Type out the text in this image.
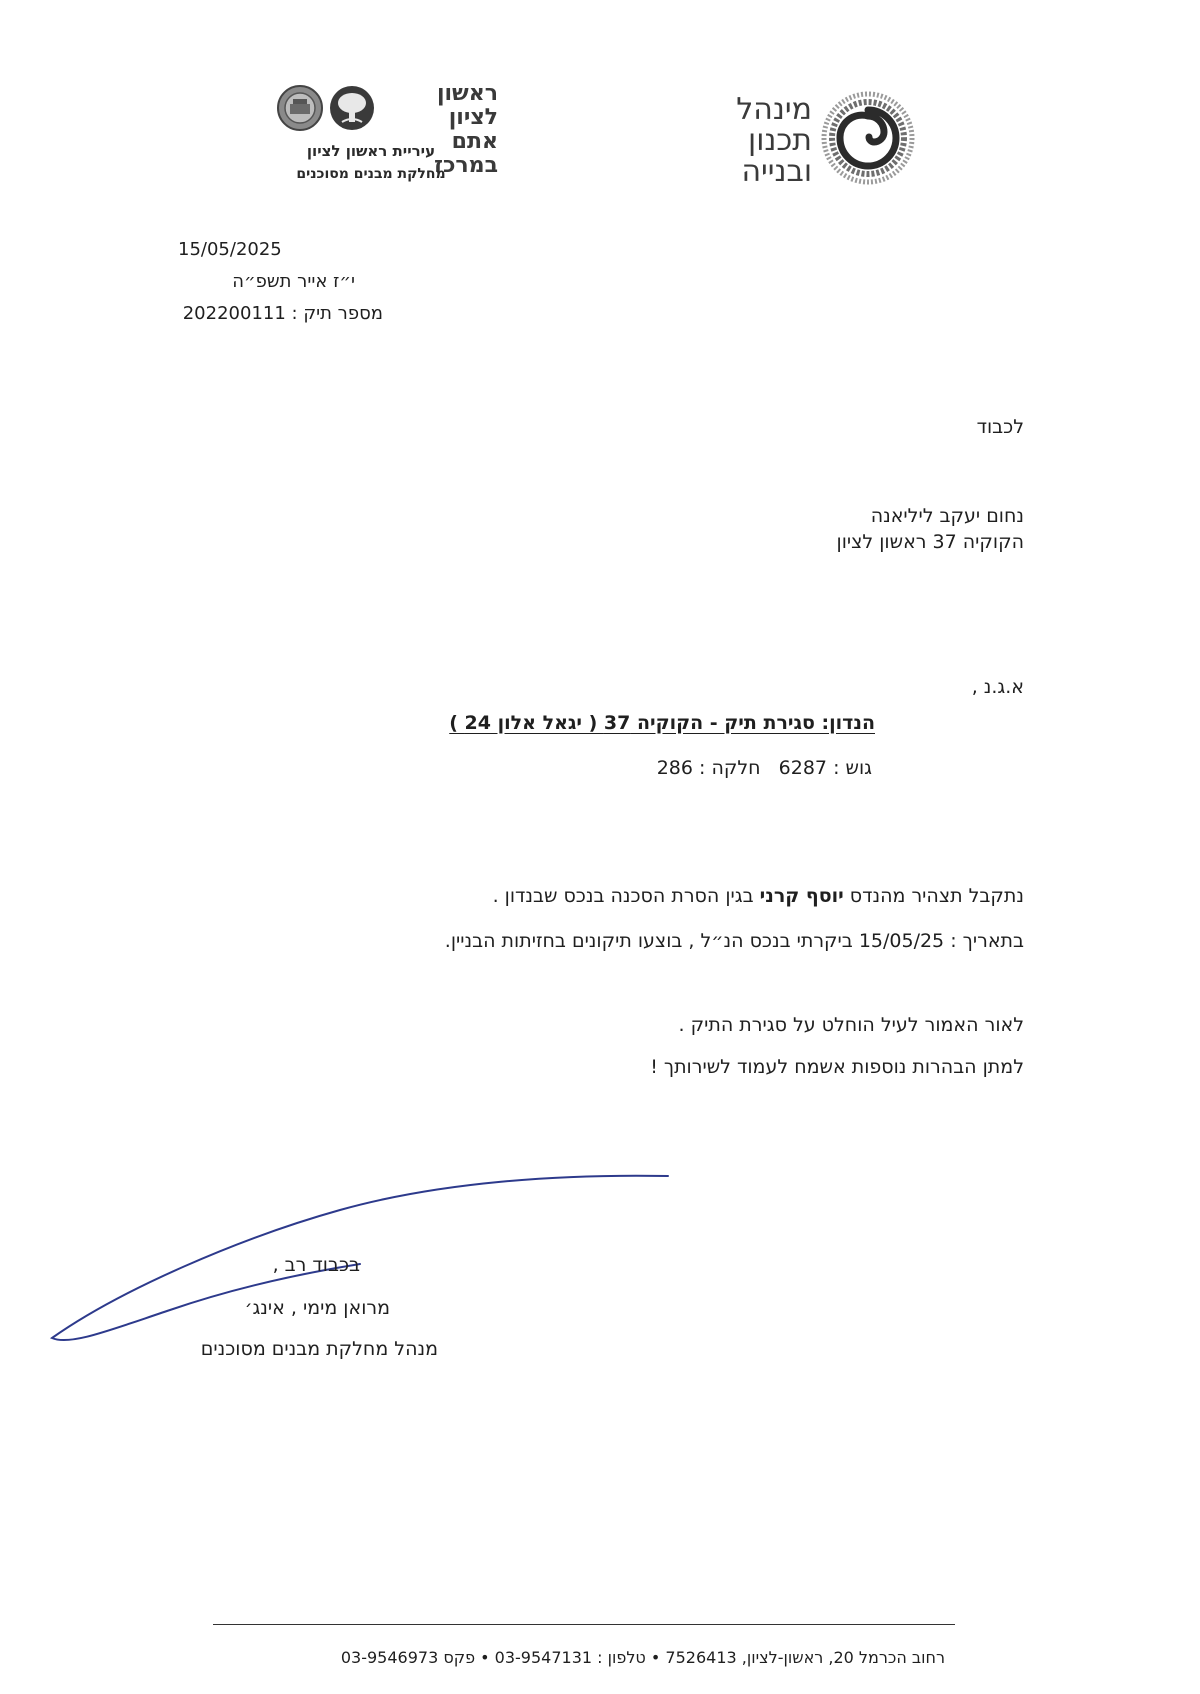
מינהל
תכנון
ובנייה
ראשון לציון
אתם במרכז
עיריית ראשון לציון
מחלקת מבנים מסוכנים
15/05/2025
י״ז אייר תשפ״ה
מספר תיק : 202200111
לכבוד
נחום יעקב ליליאנה
הקוקיה 37 ראשון לציון
א.ג.נ ,
הנדון: סגירת תיק - הקוקיה 37 ( יגאל אלון 24 )
גוש : 6287   חלקה : 286
נתקבל תצהיר מהנדס יוסף קרני בגין הסרת הסכנה בנכס שבנדון .
בתאריך : 15/05/25 ביקרתי בנכס הנ״ל , בוצעו תיקונים בחזיתות הבניין.
לאור האמור לעיל הוחלט על סגירת התיק .
למתן הבהרות נוספות אשמח לעמוד לשירותך !
בכבוד רב ,
מרואן מימי , אינג׳
מנהל מחלקת מבנים מסוכנים
רחוב הכרמל 20, ראשון-לציון, 7526413 • טלפון : 03-9547131 • פקס 03-9546973
